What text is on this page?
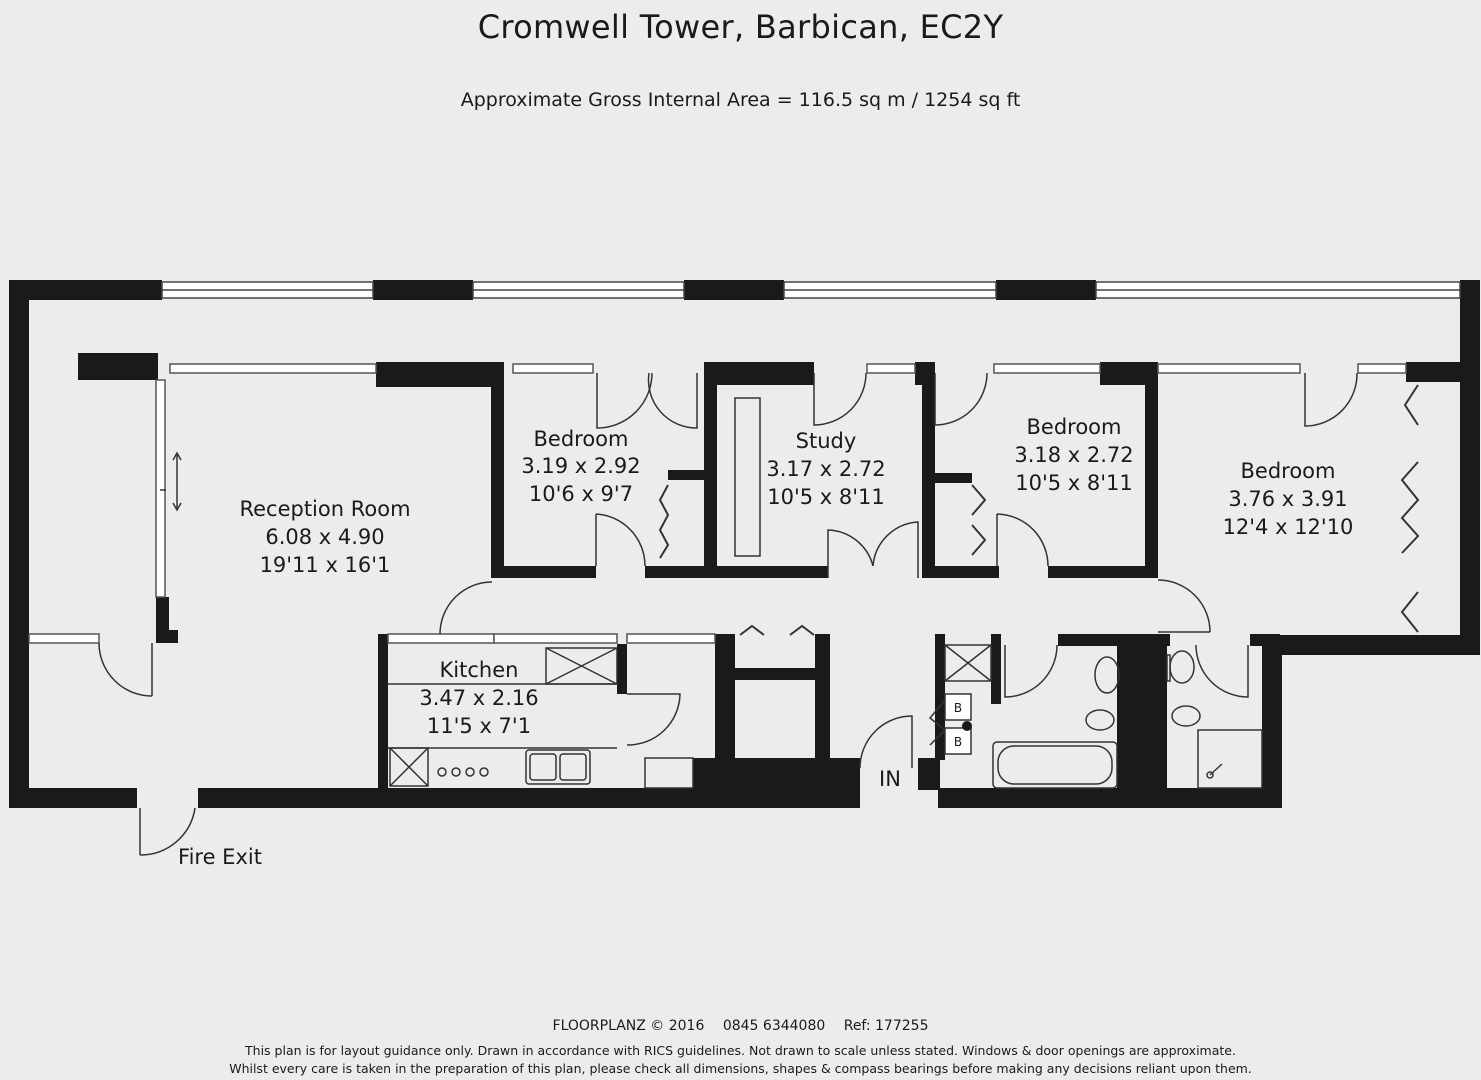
Cromwell Tower, Barbican, EC2Y
Approximate Gross Internal Area = 116.5 sq m / 1254 sq ft
Reception Room
6.08 x 4.90
19'11 x 16'1
Bedroom
3.19 x 2.92
10'6 x 9'7
Study
3.17 x 2.72
10'5 x 8'11
Bedroom
3.18 x 2.72
10'5 x 8'11	Bedroom
3.76 x 3.91
12'4 x 12'10
Kitchen
3.47 x 2.16
11'5 x 7'1
IN
Fire Exit
B
B
FLOORPLANZ © 2016 0845 6344080 Ref: 177255
This plan is for layout guidance only. Drawn in accordance with RICS guidelines. Not drawn to scale unless stated. Windows & door openings are approximate.
Whilst every care is taken in the preparation of this plan, please check all dimensions, shapes & compass bearings before making any decisions reliant upon them.
